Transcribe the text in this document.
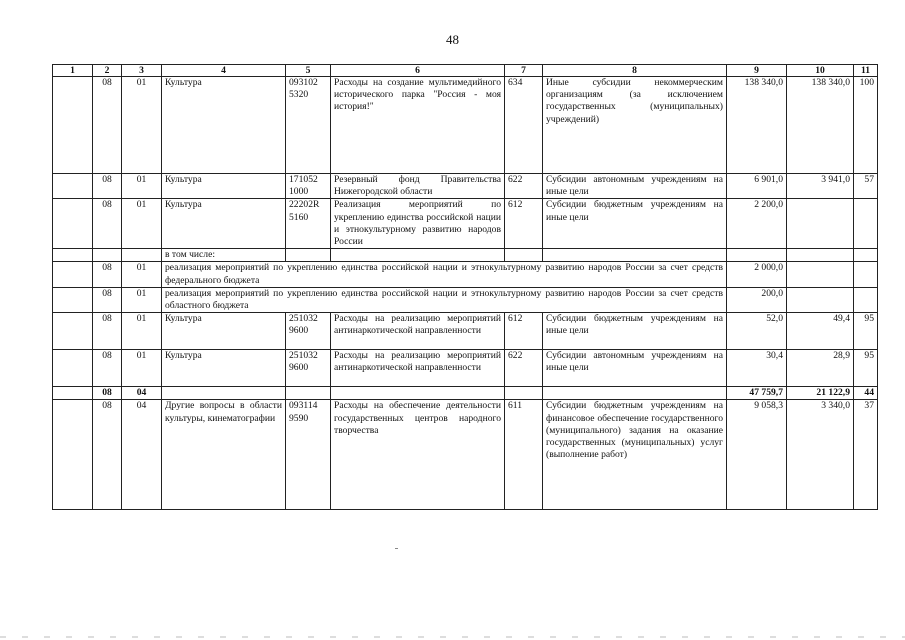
48
1	2	3	4	5	6	7	8	9	10	11
	08	01	Культура	093102 5320	Расходы на создание мультимедийного исторического парка "Россия - моя история!"	634	Иные субсидии некоммерческим организациям (за исключением государственных (муниципальных) учреждений)	138 340,0	138 340,0	100
	08	01	Культура	171052 1000	Резервный фонд Правительства Нижегородской области	622	Субсидии автономным учреждениям на иные цели	6 901,0	3 941,0	57
	08	01	Культура	22202R 5160	Реализация мероприятий по укреплению единства российской нации и этнокультурному развитию народов России	612	Субсидии бюджетным учреждениям на иные цели	2 200,0		
			в том числе:							
	08	01	реализация мероприятий по укреплению единства российской нации и этнокультурному развитию народов России за счет средств федерального бюджета					2 000,0		
	08	01	реализация мероприятий по укреплению единства российской нации и этнокультурному развитию народов России за счет средств областного бюджета					200,0		
	08	01	Культура	251032 9600	Расходы на реализацию мероприятий антинаркотической направленности	612	Субсидии бюджетным учреждениям на иные цели	52,0	49,4	95
	08	01	Культура	251032 9600	Расходы на реализацию мероприятий антинаркотической направленности	622	Субсидии автономным учреждениям на иные цели	30,4	28,9	95
	08	04						47 759,7	21 122,9	44
	08	04	Другие вопросы в области культуры, кинематографии	093114 9590	Расходы на обеспечение деятельности государственных центров народного творчества	611	Субсидии бюджетным учреждениям на финансовое обеспечение государственного (муниципального) задания на оказание государственных (муниципальных) услуг (выполнение работ)	9 058,3	3 340,0	37
